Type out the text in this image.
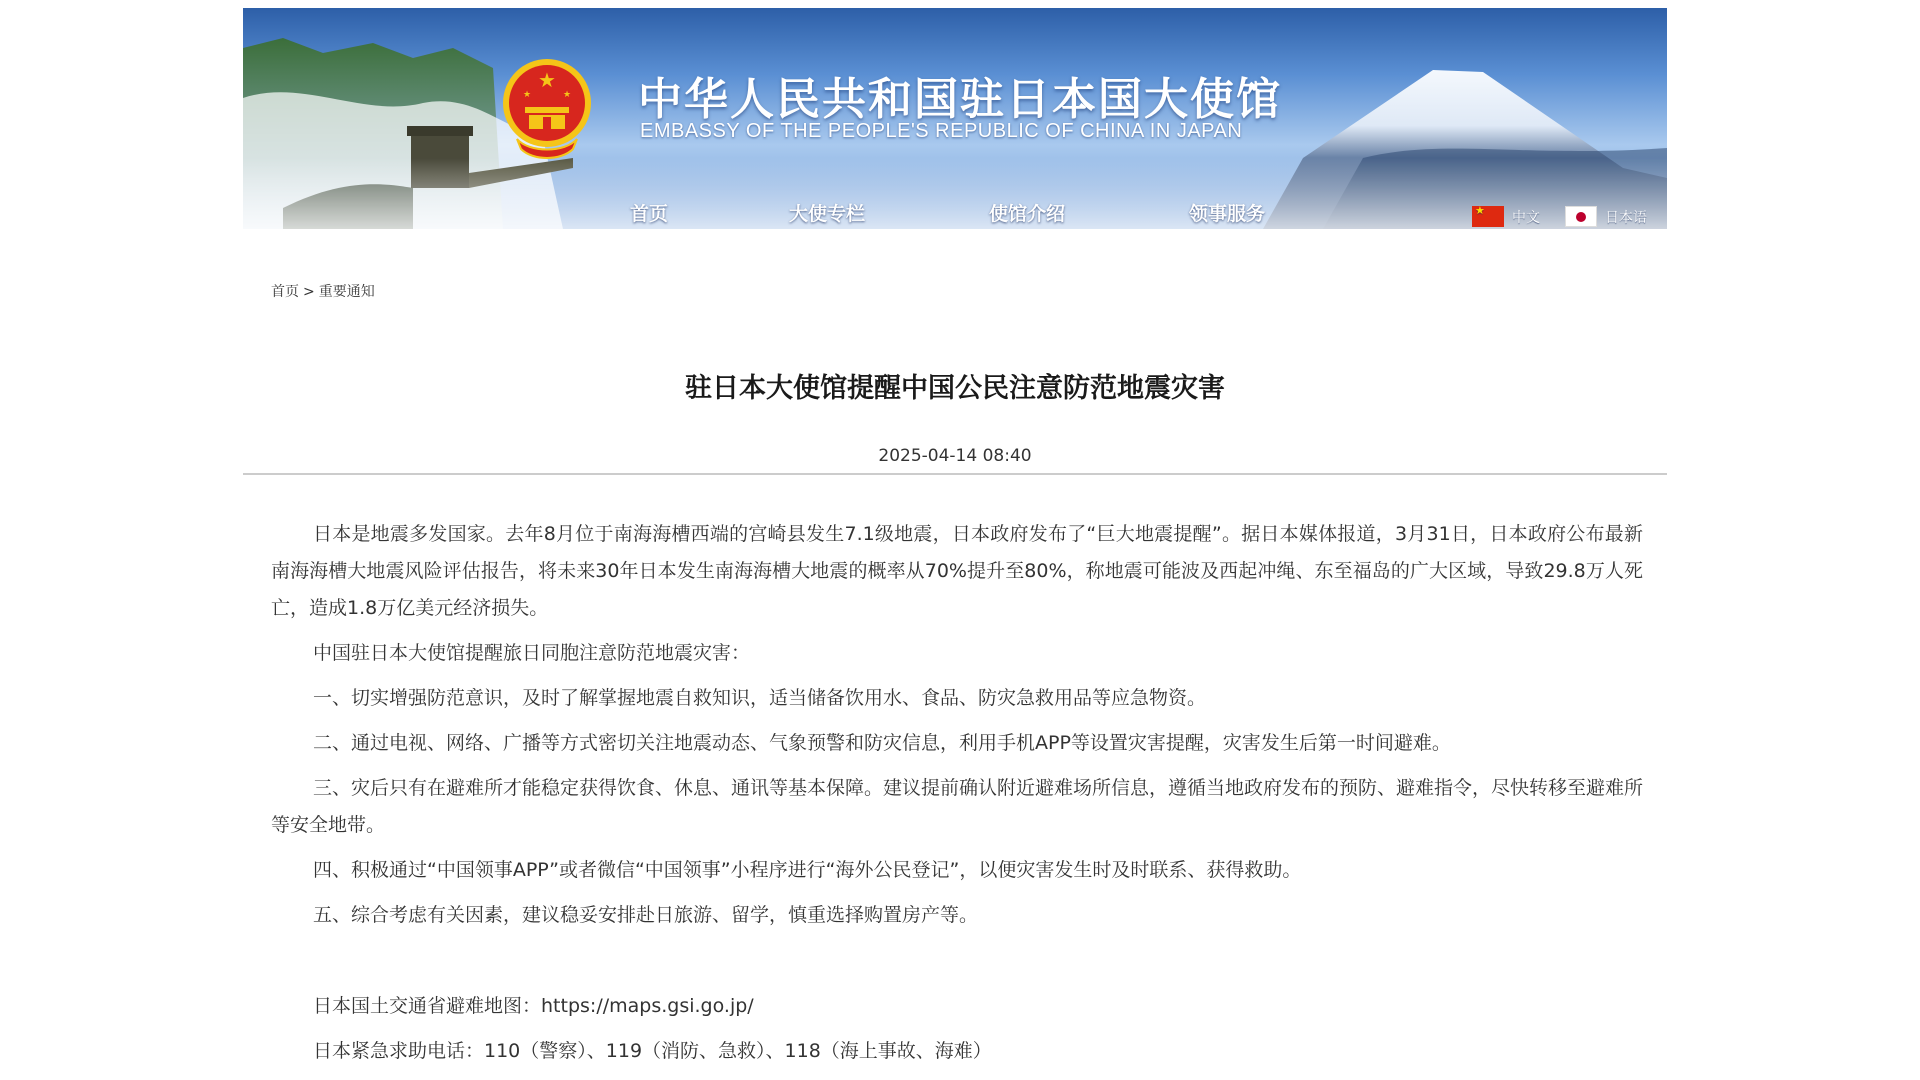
★
★	★ 中华人民共和国驻日本国大使馆
EMBASSY OF THE PEOPLE'S REPUBLIC OF CHINA IN JAPAN
首页	大使专栏	使馆介绍	领事服务
★	中文	日本语
首页 > 重要通知
驻日本大使馆提醒中国公民注意防范地震灾害
2025-04-14 08:40

日本是地震多发国家。去年8月位于南海海槽西端的宫崎县发生7.1级地震，日本政府发布了“巨大地震提醒”。据日本媒体报道，3月31日，日本政府公布最新南海海槽大地震风险评估报告，将未来30年日本发生南海海槽大地震的概率从70%提升至80%，称地震可能波及西起冲绳、东至福岛的广大区域，导致29.8万人死亡，造成1.8万亿美元经济损失。

中国驻日本大使馆提醒旅日同胞注意防范地震灾害：

一、切实增强防范意识，及时了解掌握地震自救知识，适当储备饮用水、食品、防灾急救用品等应急物资。

二、通过电视、网络、广播等方式密切关注地震动态、气象预警和防灾信息，利用手机APP等设置灾害提醒，灾害发生后第一时间避难。

三、灾后只有在避难所才能稳定获得饮食、休息、通讯等基本保障。建议提前确认附近避难场所信息，遵循当地政府发布的预防、避难指令，尽快转移至避难所等安全地带。

四、积极通过“中国领事APP”或者微信“中国领事”小程序进行“海外公民登记”，以便灾害发生时及时联系、获得救助。

五、综合考虑有关因素，建议稳妥安排赴日旅游、留学，慎重选择购置房产等。

日本国土交通省避难地图：https://maps.gsi.go.jp/

日本紧急求助电话：110（警察）、119（消防、急救）、118（海上事故、海难）
